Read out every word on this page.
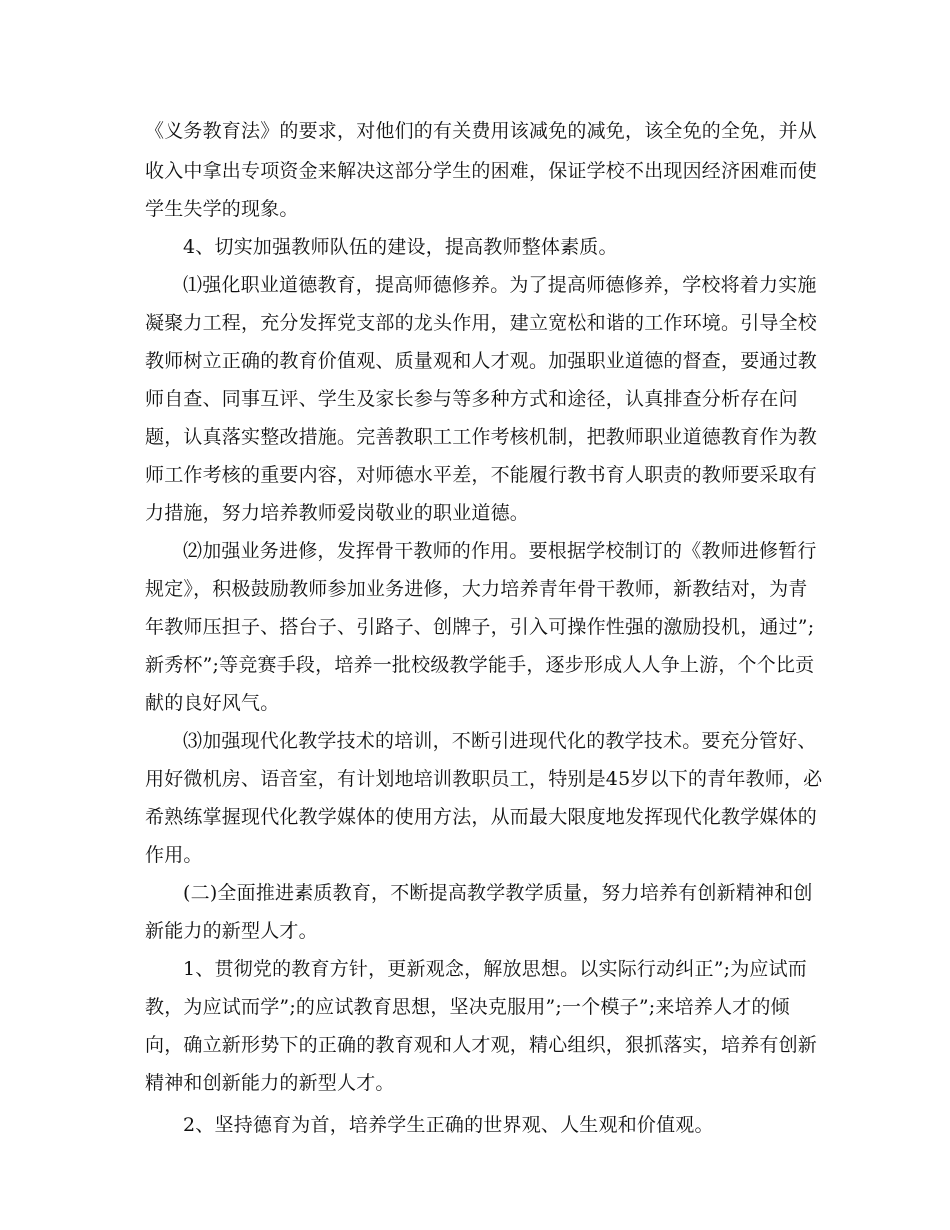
《义务教育法》的要求，对他们的有关费用该减免的减免，该全免的全免，并从
收入中拿出专项资金来解决这部分学生的困难，保证学校不出现因经济困难而使
学生失学的现象。
4、切实加强教师队伍的建设，提高教师整体素质。
⑴强化职业道德教育，提高师德修养。为了提高师德修养，学校将着力实施
凝聚力工程，充分发挥党支部的龙头作用，建立宽松和谐的工作环境。引导全校
教师树立正确的教育价值观、质量观和人才观。加强职业道德的督查，要通过教
师自查、同事互评、学生及家长参与等多种方式和途径，认真排查分析存在问
题，认真落实整改措施。完善教职工工作考核机制，把教师职业道德教育作为教
师工作考核的重要内容，对师德水平差，不能履行教书育人职责的教师要采取有
力措施，努力培养教师爱岗敬业的职业道德。
⑵加强业务进修，发挥骨干教师的作用。要根据学校制订的《教师进修暂行
规定》，积极鼓励教师参加业务进修，大力培养青年骨干教师，新教结对，为青
年教师压担子、搭台子、引路子、创牌子，引入可操作性强的激励投机，通过”;
新秀杯”;等竞赛手段，培养一批校级教学能手，逐步形成人人争上游，个个比贡
献的良好风气。
⑶加强现代化教学技术的培训，不断引进现代化的教学技术。要充分管好、
用好微机房、语音室，有计划地培训教职员工，特别是45岁以下的青年教师，必
希熟练掌握现代化教学媒体的使用方法，从而最大限度地发挥现代化教学媒体的
作用。
(二)全面推进素质教育，不断提高教学教学质量，努力培养有创新精神和创
新能力的新型人才。
1、贯彻党的教育方针，更新观念，解放思想。以实际行动纠正”;为应试而
教，为应试而学”;的应试教育思想，坚决克服用”;一个模子”;来培养人才的倾
向，确立新形势下的正确的教育观和人才观，精心组织，狠抓落实，培养有创新
精神和创新能力的新型人才。
2、坚持德育为首，培养学生正确的世界观、人生观和价值观。
